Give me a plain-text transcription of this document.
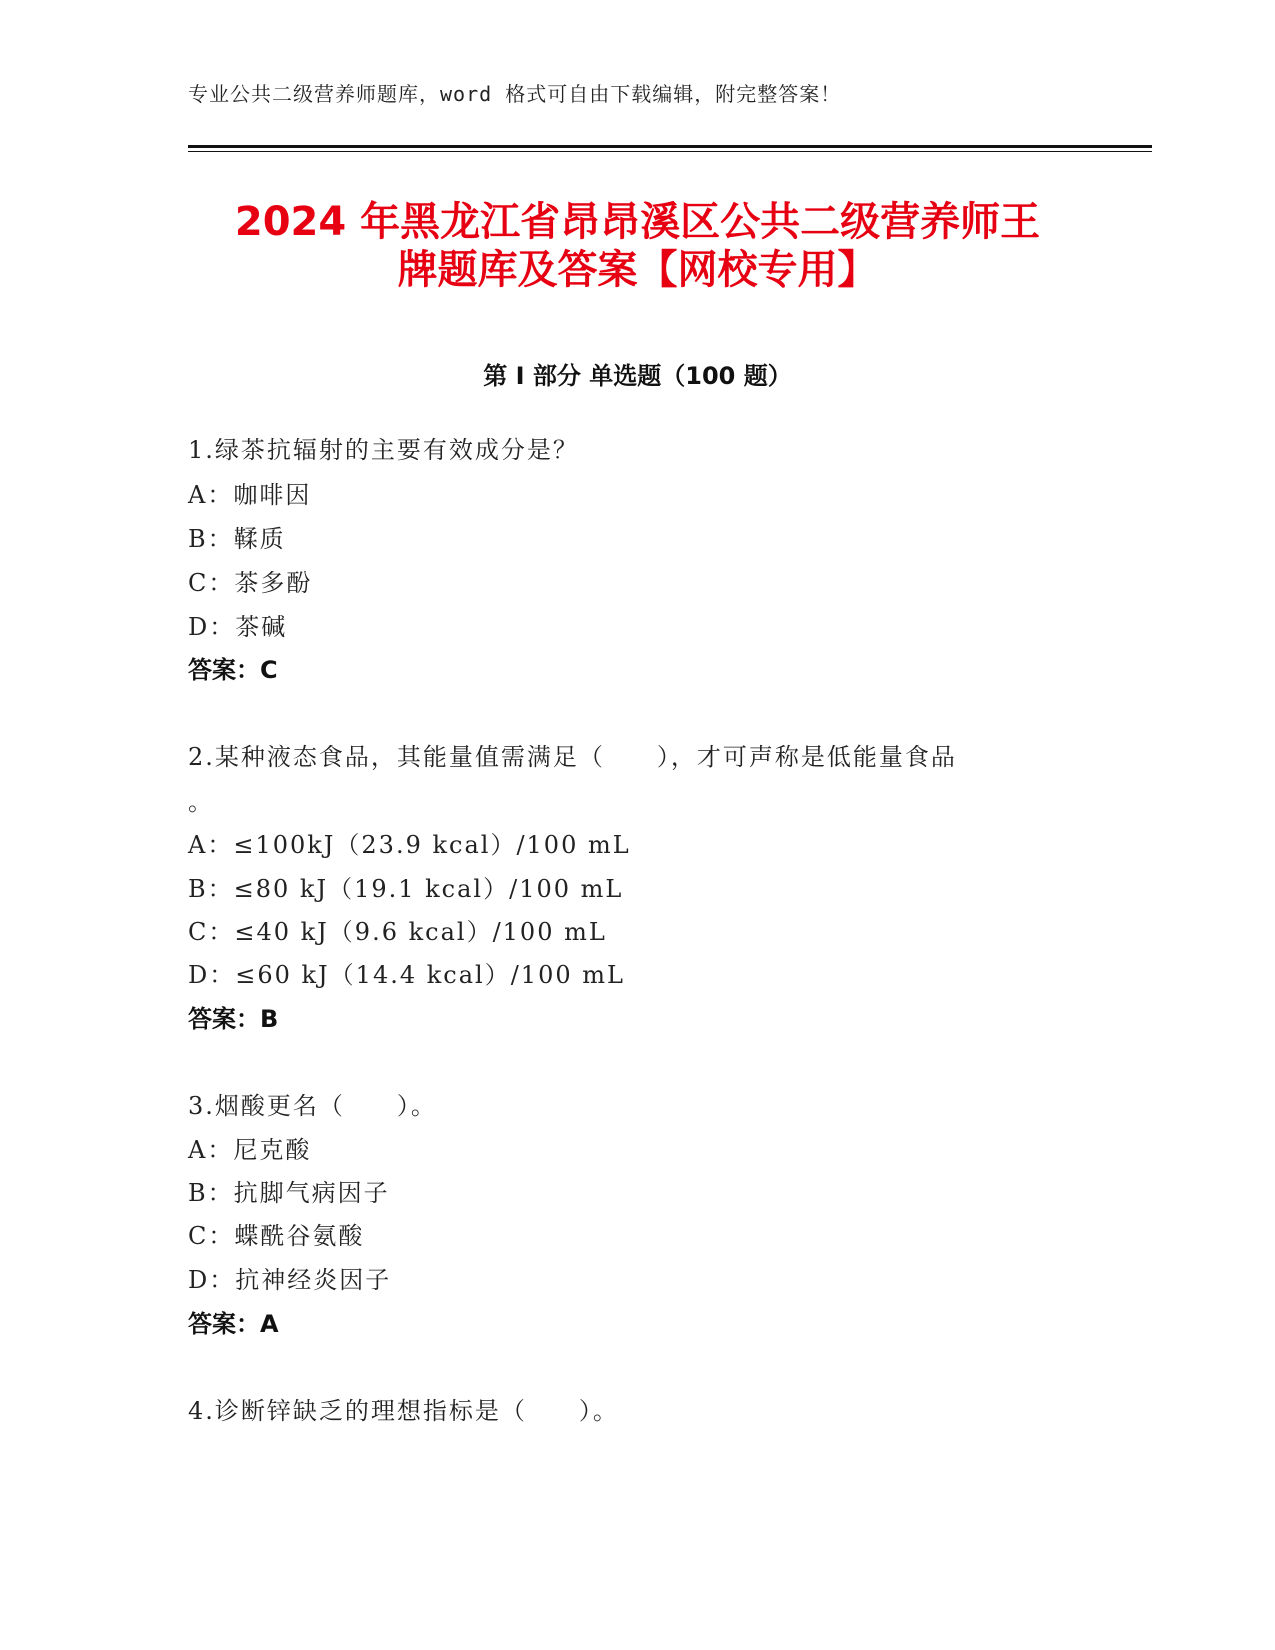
专业公共二级营养师题库，word 格式可自由下载编辑，附完整答案！
2024 年黑龙江省昂昂溪区公共二级营养师王
牌题库及答案【网校专用】
第 I 部分 单选题（100 题）
1.绿茶抗辐射的主要有效成分是？
A：咖啡因
B：鞣质
C：茶多酚
D：茶碱
答案：C
2.某种液态食品，其能量值需满足（　　），才可声称是低能量食品
。
A：≤100kJ（23.9 kcal）/100 mL
B：≤80 kJ（19.1 kcal）/100 mL
C：≤40 kJ（9.6 kcal）/100 mL
D：≤60 kJ（14.4 kcal）/100 mL
答案：B
3.烟酸更名（　　）。
A：尼克酸
B：抗脚气病因子
C：蝶酰谷氨酸
D：抗神经炎因子
答案：A
4.诊断锌缺乏的理想指标是（　　）。
